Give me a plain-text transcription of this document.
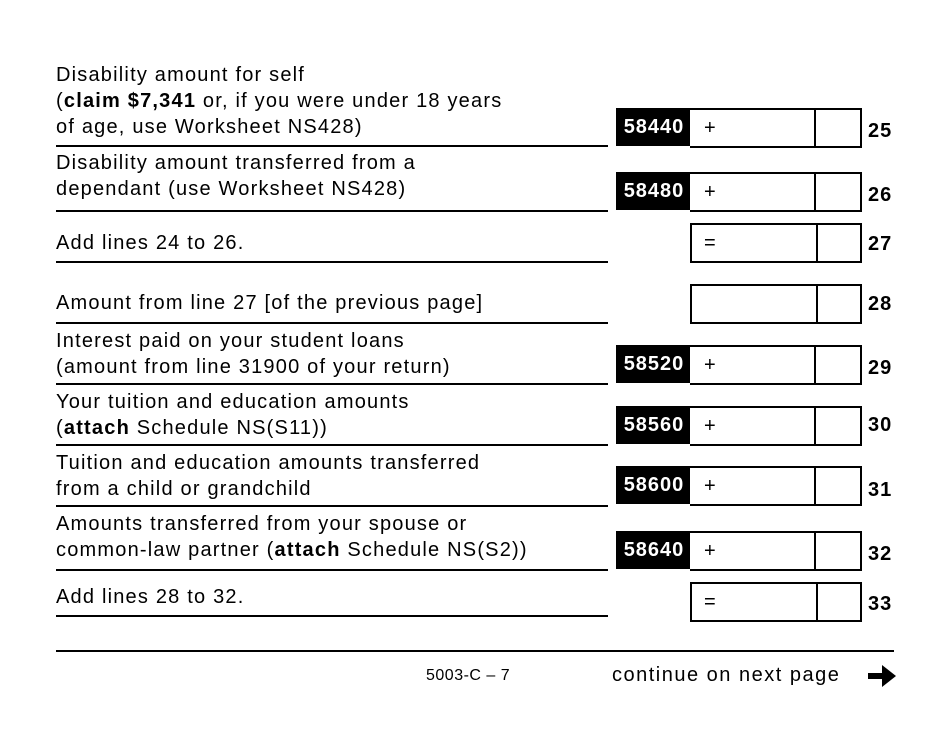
Disability amount for self
(claim $7,341 or, if you were under 18 years
of age, use Worksheet NS428)	58440 +	25
Disability amount transferred from a
dependant (use Worksheet NS428)	58480 +	26
Add lines 24 to 26.	=	27
Amount from line 27 [of the previous page]	28
Interest paid on your student loans
(amount from line 31900 of your return)	58520 +	29
Your tuition and education amounts
(attach Schedule NS(S11))	58560 +	30
Tuition and education amounts transferred
from a child or grandchild	58600 +	31
Amounts transferred from your spouse or
common-law partner (attach Schedule NS(S2))	58640 +	32
Add lines 28 to 32.	=	33
5003-C – 7	continue on next page
